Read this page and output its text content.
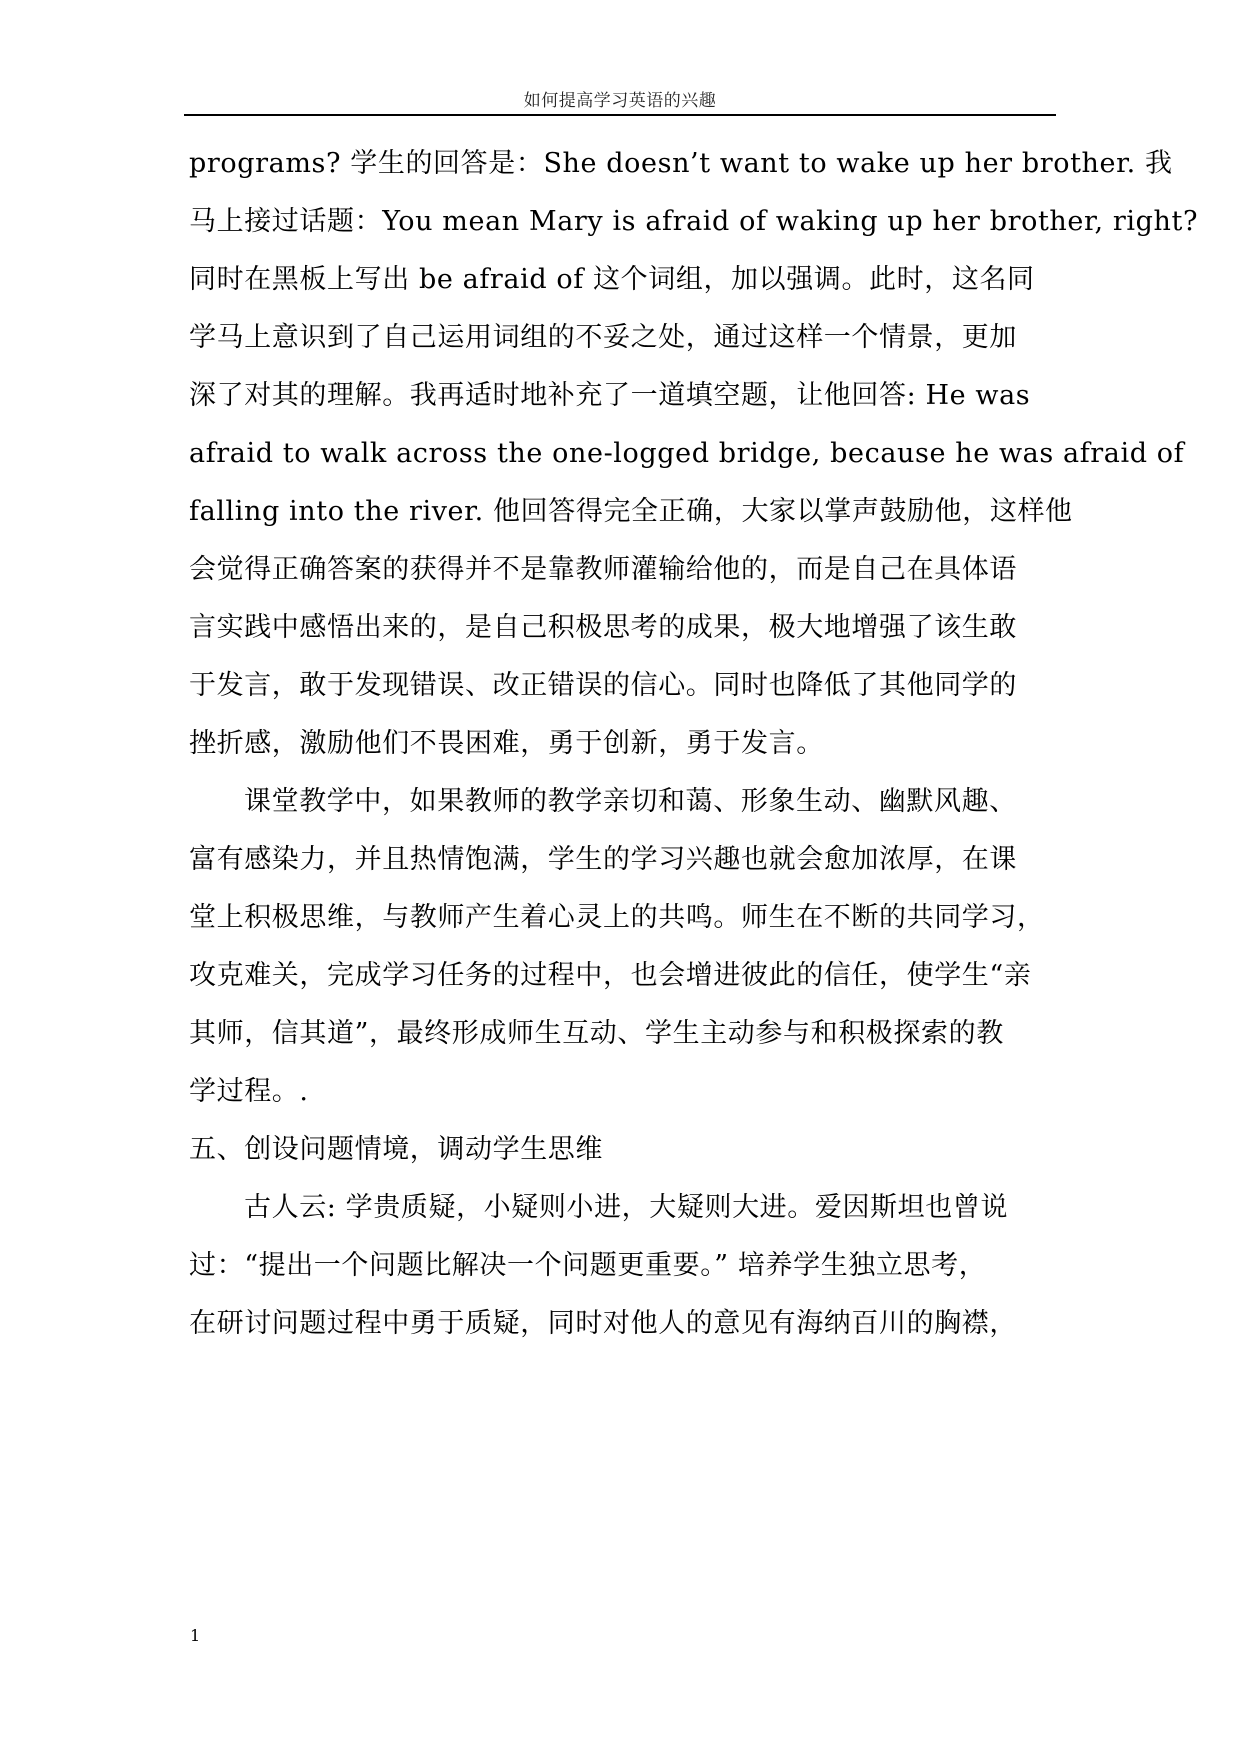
如何提高学习英语的兴趣
programs? 学生的回答是：She doesn’t want to wake up her brother. 我
马上接过话题：You mean Mary is afraid of waking up her brother, right?
同时在黑板上写出 be afraid of 这个词组，加以强调。此时，这名同
学马上意识到了自己运用词组的不妥之处，通过这样一个情景，更加
深了对其的理解。我再适时地补充了一道填空题，让他回答: He was
afraid to walk across the one-logged bridge, because he was afraid of
falling into the river. 他回答得完全正确，大家以掌声鼓励他，这样他
会觉得正确答案的获得并不是靠教师灌输给他的，而是自己在具体语
言实践中感悟出来的，是自己积极思考的成果，极大地增强了该生敢
于发言，敢于发现错误、改正错误的信心。同时也降低了其他同学的
挫折感，激励他们不畏困难，勇于创新，勇于发言。
课堂教学中，如果教师的教学亲切和蔼、形象生动、幽默风趣、
富有感染力，并且热情饱满，学生的学习兴趣也就会愈加浓厚，在课
堂上积极思维，与教师产生着心灵上的共鸣。师生在不断的共同学习，
攻克难关，完成学习任务的过程中，也会增进彼此的信任，使学生“亲
其师，信其道”，最终形成师生互动、学生主动参与和积极探索的教
学过程。.
五、创设问题情境，调动学生思维
古人云: 学贵质疑，小疑则小进，大疑则大进。爱因斯坦也曾说
过：“提出一个问题比解决一个问题更重要。” 培养学生独立思考，
在研讨问题过程中勇于质疑，同时对他人的意见有海纳百川的胸襟，
1
